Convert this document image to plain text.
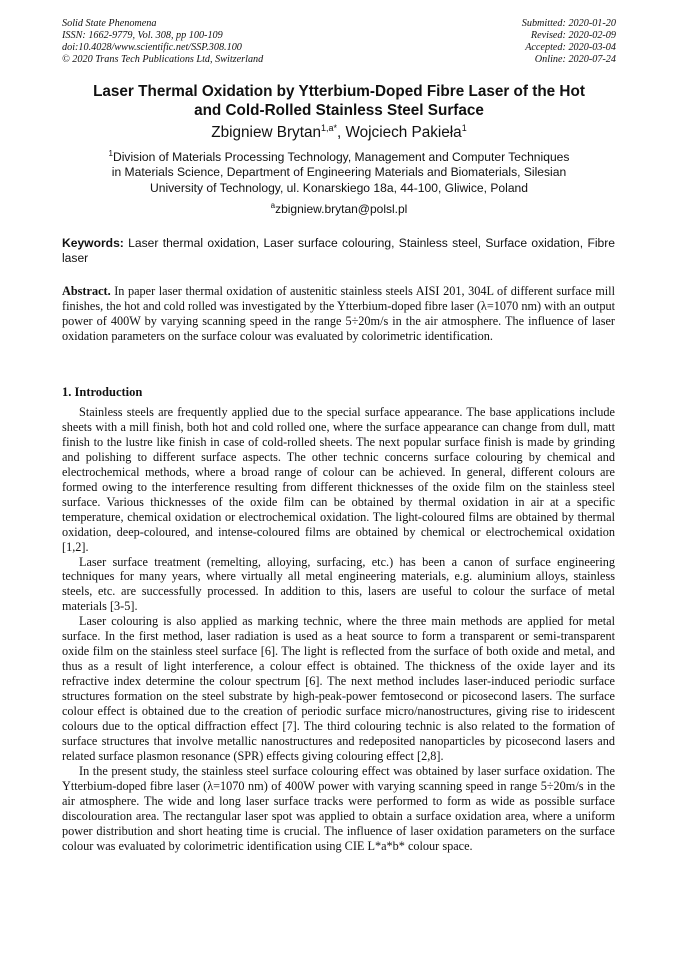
Solid State Phenomena
ISSN: 1662-9779, Vol. 308, pp 100-109
doi:10.4028/www.scientific.net/SSP.308.100
© 2020 Trans Tech Publications Ltd, Switzerland
Submitted: 2020-01-20
Revised: 2020-02-09
Accepted: 2020-03-04
Online: 2020-07-24
Laser Thermal Oxidation by Ytterbium-Doped Fibre Laser of the Hot
and Cold-Rolled Stainless Steel Surface
Zbigniew Brytan$^{1,a*}$, Wojciech Pakieła$^1$
$^1$Division of Materials Processing Technology, Management and Computer Techniques
in Materials Science, Department of Engineering Materials and Biomaterials, Silesian
University of Technology, ul. Konarskiego 18a, 44-100, Gliwice, Poland
$^a$zbigniew.brytan@polsl.pl
Keywords: Laser thermal oxidation, Laser surface colouring, Stainless steel, Surface oxidation, Fibre laser
Abstract. In paper laser thermal oxidation of austenitic stainless steels AISI 201, 304L of different surface mill finishes, the hot and cold rolled was investigated by the Ytterbium-doped fibre laser (λ=1070 nm) with an output power of 400W by varying scanning speed in the range 5÷20m/s in the air atmosphere. The influence of laser oxidation parameters on the surface colour was evaluated by colorimetric identification.
1. Introduction

Stainless steels are frequently applied due to the special surface appearance. The base applications include sheets with a mill finish, both hot and cold rolled one, where the surface appearance can change from dull, matt finish to the lustre like finish in case of cold-rolled sheets. The next popular surface finish is made by grinding and polishing to different surface aspects. The other technic concerns surface colouring by chemical and electrochemical methods, where a broad range of colour can be achieved. In general, different colours are formed owing to the interference resulting from different thicknesses of the oxide film on the stainless steel surface. Various thicknesses of the oxide film can be obtained by thermal oxidation in air at a specific temperature, chemical oxidation or electrochemical oxidation. The light-coloured films are obtained by thermal oxidation, deep-coloured, and intense-coloured films are obtained by chemical or electrochemical oxidation [1,2].

Laser surface treatment (remelting, alloying, surfacing, etc.) has been a canon of surface engineering techniques for many years, where virtually all metal engineering materials, e.g. aluminium alloys, stainless steels, etc. are successfully processed. In addition to this, lasers are useful to colour the surface of metal materials [3-5].

Laser colouring is also applied as marking technic, where the three main methods are applied for metal surface. In the first method, laser radiation is used as a heat source to form a transparent or semi-transparent oxide film on the stainless steel surface [6]. The light is reflected from the surface of both oxide and metal, and thus as a result of light interference, a colour effect is obtained. The thickness of the oxide layer and its refractive index determine the colour spectrum [6]. The next method includes laser-induced periodic surface structures formation on the steel substrate by high-peak-power femtosecond or picosecond lasers. The surface colour effect is obtained due to the creation of periodic surface micro/nanostructures, giving rise to iridescent colours due to the optical diffraction effect [7]. The third colouring technic is also related to the formation of surface structures that involve metallic nanostructures and redeposited nanoparticles by picosecond lasers and related surface plasmon resonance (SPR) effects giving colouring effect [2,8].

In the present study, the stainless steel surface colouring effect was obtained by laser surface oxidation. The Ytterbium-doped fibre laser (λ=1070 nm) of 400W power with varying scanning speed in range 5÷20m/s in the air atmosphere. The wide and long laser surface tracks were performed to form as wide as possible surface discolouration area. The rectangular laser spot was applied to obtain a surface oxidation area, where a uniform power distribution and short heating time is crucial. The influence of laser oxidation parameters on the surface colour was evaluated by colorimetric identification using CIE L*a*b* colour space.
